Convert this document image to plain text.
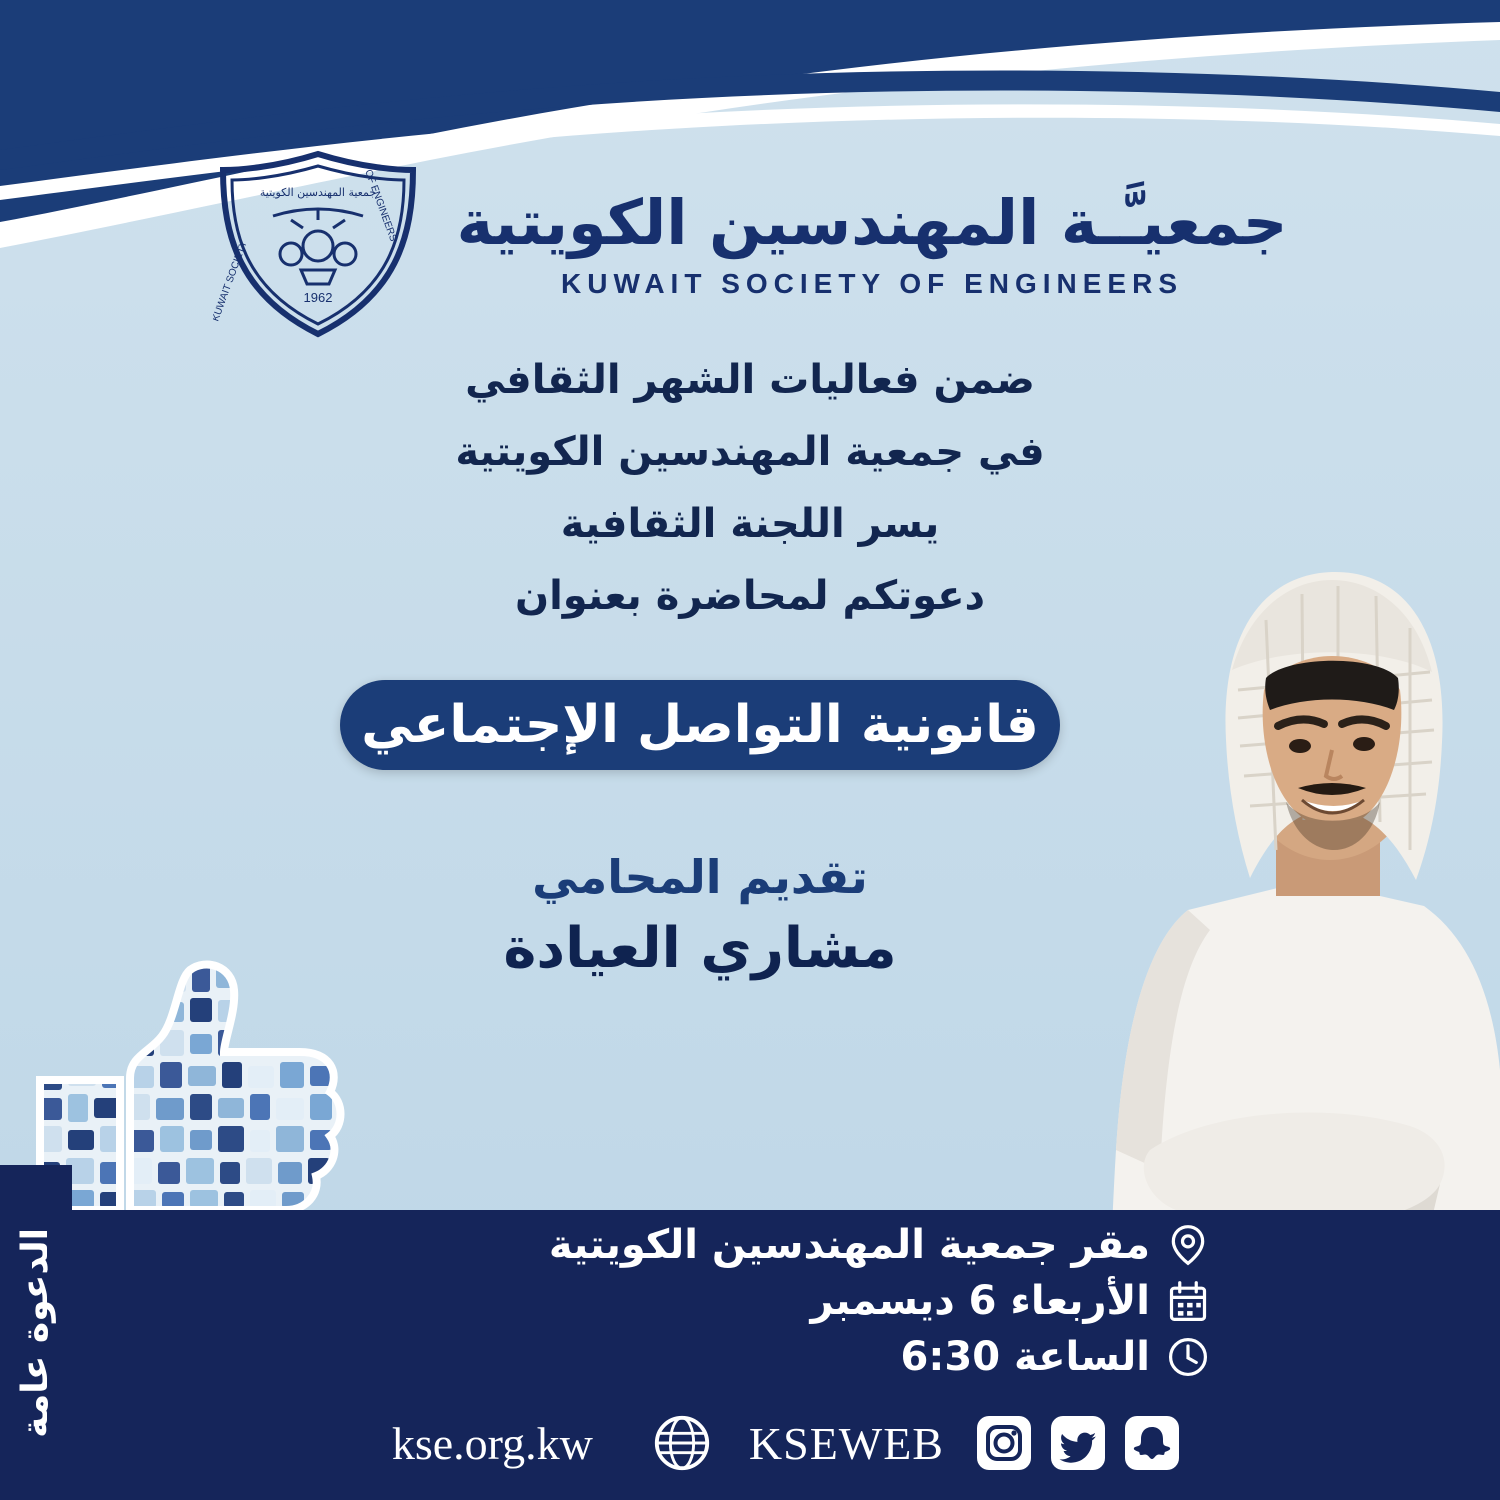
جمعية المهندسين الكويتية
1962
KUWAIT SOCIETY
OF ENGINEERS جمعيـَّـة المهندسين الكويتية
KUWAIT SOCIETY OF ENGINEERS
ضمن فعاليات الشهر الثقافي
في جمعية المهندسين الكويتية
يسر اللجنة الثقافية
دعوتكم لمحاضرة بعنوان
قانونية التواصل الإجتماعي
تقديم المحامي
مشاري العيادة
مقر جمعية المهندسين الكويتية
الأربعاء 6 ديسمبر
الساعة 6:30
KSEWEB
kse.org.kw
الدعوة عامة
